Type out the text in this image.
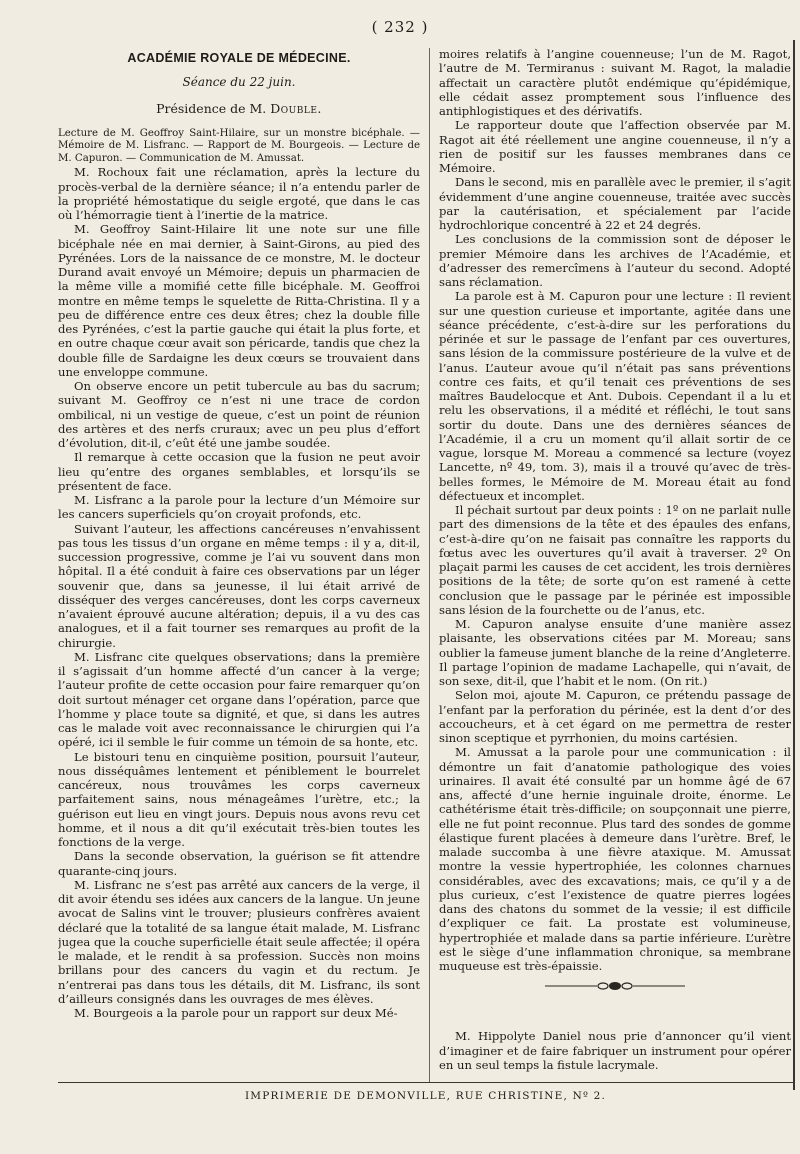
( 232 )
ACADÉMIE ROYALE DE MÉDECINE.
Séance du 22 juin.
Présidence de M. Double.

Lecture de M. Geoffroy Saint-Hilaire, sur un monstre bicéphale. — Mémoire de M. Lisfranc. — Rapport de M. Bourgeois. — Lecture de M. Capuron. — Communication de M. Amussat.

M. Rochoux fait une réclamation, après la lecture du procès-verbal de la dernière séance; il n’a entendu parler de la propriété hémostatique du seigle ergoté, que dans le cas où l’hémorragie tient à l’inertie de la matrice.

M. Geoffroy Saint-Hilaire lit une note sur une fille bicéphale née en mai dernier, à Saint-Girons, au pied des Pyrénées. Lors de la naissance de ce monstre, M. le docteur Durand avait envoyé un Mémoire; depuis un pharmacien de la même ville a momifié cette fille bicéphale. M. Geoffroi montre en même temps le squelette de Ritta-Christina. Il y a peu de différence entre ces deux êtres; chez la double fille des Pyrénées, c’est la partie gauche qui était la plus forte, et en outre chaque cœur avait son péricarde, tandis que chez la double fille de Sardaigne les deux cœurs se trouvaient dans une enveloppe commune.

On observe encore un petit tubercule au bas du sacrum; suivant M. Geoffroy ce n’est ni une trace de cordon ombilical, ni un vestige de queue, c’est un point de réunion des artères et des nerfs cruraux; avec un peu plus d’effort d’évolution, dit-il, c’eût été une jambe soudée.

Il remarque à cette occasion que la fusion ne peut avoir lieu qu’entre des organes semblables, et lorsqu’ils se présentent de face.

M. Lisfranc a la parole pour la lecture d’un Mémoire sur les cancers superficiels qu’on croyait profonds, etc.

Suivant l’auteur, les affections cancéreuses n’envahissent pas tous les tissus d’un organe en même temps : il y a, dit-il, succession progressive, comme je l’ai vu souvent dans mon hôpital. Il a été conduit à faire ces observations par un léger souvenir que, dans sa jeunesse, il lui était arrivé de disséquer des verges cancéreuses, dont les corps caverneux n’avaient éprouvé aucune altération; depuis, il a vu des cas analogues, et il a fait tourner ses remarques au profit de la chirurgie.

M. Lisfranc cite quelques observations; dans la première il s’agissait d’un homme affecté d’un cancer à la verge; l’auteur profite de cette occasion pour faire remarquer qu’on doit surtout ménager cet organe dans l’opération, parce que l’homme y place toute sa dignité, et que, si dans les autres cas le malade voit avec reconnaissance le chirurgien qui l’a opéré, ici il semble le fuir comme un témoin de sa honte, etc.

Le bistouri tenu en cinquième position, poursuit l’auteur, nous disséquâmes lentement et péniblement le bourrelet cancéreux, nous trouvâmes les corps caverneux parfaitement sains, nous ménageâmes l’urètre, etc.; la guérison eut lieu en vingt jours. Depuis nous avons revu cet homme, et il nous a dit qu’il exécutait très-bien toutes les fonctions de la verge.

Dans la seconde observation, la guérison se fit attendre quarante-cinq jours.

M. Lisfranc ne s’est pas arrêté aux cancers de la verge, il dit avoir étendu ses idées aux cancers de la langue. Un jeune avocat de Salins vint le trouver; plusieurs confrères avaient déclaré que la totalité de sa langue était malade, M. Lisfranc jugea que la couche superficielle était seule affectée; il opéra le malade, et le rendit à sa profession. Succès non moins brillans pour des cancers du vagin et du rectum. Je n’entrerai pas dans tous les détails, dit M. Lisfranc, ils sont d’ailleurs consignés dans les ouvrages de mes élèves.

M. Bourgeois a la parole pour un rapport sur deux Mé-

moires relatifs à l’angine couenneuse; l’un de M. Ragot, l’autre de M. Termiranus : suivant M. Ragot, la maladie affectait un caractère plutôt endémique qu’épidémique, elle cédait assez promptement sous l’influence des antiphlogistiques et des dérivatifs.

Le rapporteur doute que l’affection observée par M. Ragot ait été réellement une angine couenneuse, il n’y a rien de positif sur les fausses membranes dans ce Mémoire.

Dans le second, mis en parallèle avec le premier, il s’agit évidemment d’une angine couenneuse, traitée avec succès par la cautérisation, et spécialement par l’acide hydrochlorique concentré à 22 et 24 degrés.

Les conclusions de la commission sont de déposer le premier Mémoire dans les archives de l’Académie, et d’adresser des remercîmens à l’auteur du second. Adopté sans réclamation.

La parole est à M. Capuron pour une lecture : Il revient sur une question curieuse et importante, agitée dans une séance précédente, c’est-à-dire sur les perforations du périnée et sur le passage de l’enfant par ces ouvertures, sans lésion de la commissure postérieure de la vulve et de l’anus. L’auteur avoue qu’il n’était pas sans préventions contre ces faits, et qu’il tenait ces préventions de ses maîtres Baudelocque et Ant. Dubois. Cependant il a lu et relu les observations, il a médité et réfléchi, le tout sans sortir du doute. Dans une des dernières séances de l’Académie, il a cru un moment qu’il allait sortir de ce vague, lorsque M. Moreau a commencé sa lecture (voyez Lancette, nº 49, tom. 3), mais il a trouvé qu’avec de très-belles formes, le Mémoire de M. Moreau était au fond défectueux et incomplet.

Il péchait surtout par deux points : 1º on ne parlait nulle part des dimensions de la tête et des épaules des enfans, c’est-à-dire qu’on ne faisait pas connaître les rapports du fœtus avec les ouvertures qu’il avait à traverser. 2º On plaçait parmi les causes de cet accident, les trois dernières positions de la tête; de sorte qu’on est ramené à cette conclusion que le passage par le périnée est impossible sans lésion de la fourchette ou de l’anus, etc.

M. Capuron analyse ensuite d’une manière assez plaisante, les observations citées par M. Moreau; sans oublier la fameuse jument blanche de la reine d’Angleterre. Il partage l’opinion de madame Lachapelle, qui n’avait, de son sexe, dit-il, que l’habit et le nom. (On rit.)

Selon moi, ajoute M. Capuron, ce prétendu passage de l’enfant par la perforation du périnée, est la dent d’or des accoucheurs, et à cet égard on me permettra de rester sinon sceptique et pyrrhonien, du moins cartésien.

M. Amussat a la parole pour une communication : il démontre un fait d’anatomie pathologique des voies urinaires. Il avait été consulté par un homme âgé de 67 ans, affecté d’une hernie inguinale droite, énorme. Le cathétérisme était très-difficile; on soupçonnait une pierre, elle ne fut point reconnue. Plus tard des sondes de gomme élastique furent placées à demeure dans l’urètre. Bref, le malade succomba à une fièvre ataxique. M. Amussat montre la vessie hypertrophiée, les colonnes charnues considérables, avec des excavations; mais, ce qu’il y a de plus curieux, c’est l’existence de quatre pierres logées dans des chatons du sommet de la vessie; il est difficile d’expliquer ce fait. La prostate est volumineuse, hypertrophiée et malade dans sa partie inférieure. L’urètre est le siège d’une inflammation chronique, sa membrane muqueuse est très-épaissie.

M. Hippolyte Daniel nous prie d’annoncer qu’il vient d’imaginer et de faire fabriquer un instrument pour opérer en un seul temps la fistule lacrymale.

IMPRIMERIE DE DEMONVILLE, RUE CHRISTINE, Nº 2.
